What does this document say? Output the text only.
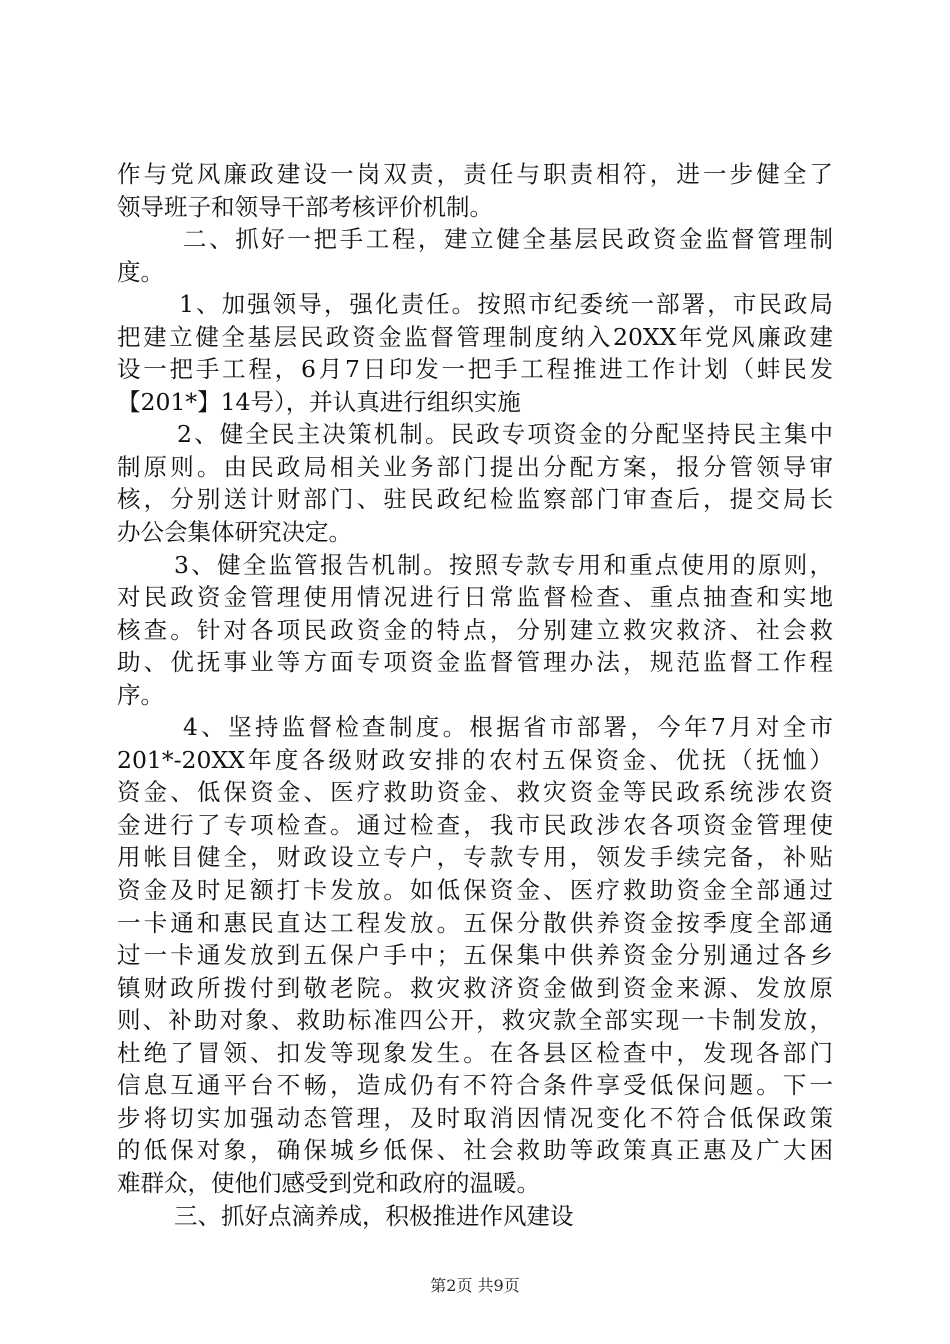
作与党风廉政建设一岗双责，责任与职责相符，进一步健全了
领导班子和领导干部考核评价机制。
二、抓好一把手工程，建立健全基层民政资金监督管理制
度。
1、加强领导，强化责任。按照市纪委统一部署，市民政局
把建立健全基层民政资金监督管理制度纳入20XX年党风廉政建
设一把手工程，6月7日印发一把手工程推进工作计划（蚌民发
【201*】14号），并认真进行组织实施
2、健全民主决策机制。民政专项资金的分配坚持民主集中
制原则。由民政局相关业务部门提出分配方案，报分管领导审
核，分别送计财部门、驻民政纪检监察部门审查后，提交局长
办公会集体研究决定。
3、健全监管报告机制。按照专款专用和重点使用的原则，
对民政资金管理使用情况进行日常监督检查、重点抽查和实地
核查。针对各项民政资金的特点，分别建立救灾救济、社会救
助、优抚事业等方面专项资金监督管理办法，规范监督工作程
序。
4、坚持监督检查制度。根据省市部署，今年7月对全市
201*-20XX年度各级财政安排的农村五保资金、优抚（抚恤）
资金、低保资金、医疗救助资金、救灾资金等民政系统涉农资
金进行了专项检查。通过检查，我市民政涉农各项资金管理使
用帐目健全，财政设立专户，专款专用，领发手续完备，补贴
资金及时足额打卡发放。如低保资金、医疗救助资金全部通过
一卡通和惠民直达工程发放。五保分散供养资金按季度全部通
过一卡通发放到五保户手中；五保集中供养资金分别通过各乡
镇财政所拨付到敬老院。救灾救济资金做到资金来源、发放原
则、补助对象、救助标准四公开，救灾款全部实现一卡制发放，
杜绝了冒领、扣发等现象发生。在各县区检查中，发现各部门
信息互通平台不畅，造成仍有不符合条件享受低保问题。下一
步将切实加强动态管理，及时取消因情况变化不符合低保政策
的低保对象，确保城乡低保、社会救助等政策真正惠及广大困
难群众，使他们感受到党和政府的温暖。
三、抓好点滴养成，积极推进作风建设
第2页 共9页
